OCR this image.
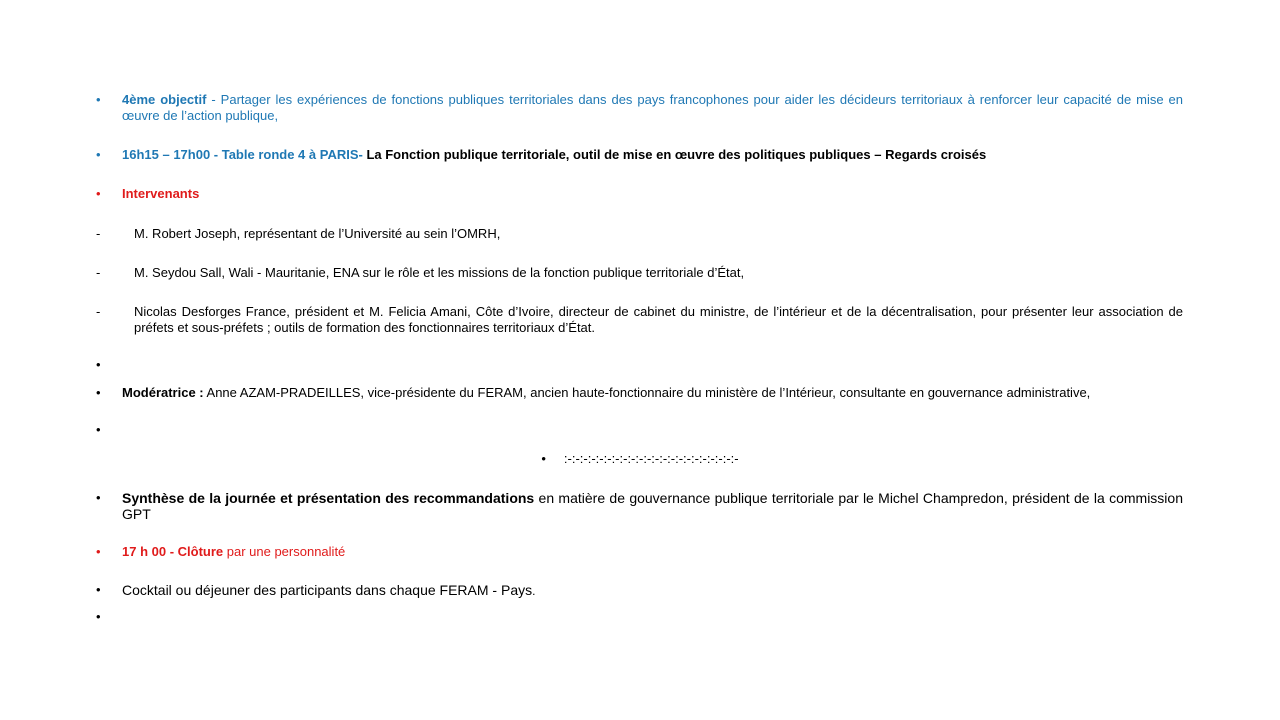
•	4ème objectif - Partager les expériences de fonctions publiques territoriales dans des pays francophones pour aider les décideurs territoriaux à renforcer leur capacité de mise en œuvre de l’action publique,
•	16h15 – 17h00 - Table ronde 4 à PARIS- La Fonction publique territoriale, outil de mise en œuvre des politiques publiques – Regards croisés
•	Intervenants
-	M. Robert Joseph, représentant de l’Université au sein l’OMRH,
-	M. Seydou Sall, Wali - Mauritanie, ENA sur le rôle et les missions de la fonction publique territoriale d’État,
-	Nicolas Desforges France, président et M. Felicia Amani, Côte d’Ivoire, directeur de cabinet du ministre, de l’intérieur et de la décentralisation, pour présenter leur association de préfets et sous-préfets ; outils de formation des fonctionnaires territoriaux d’État.
•
•	Modératrice : Anne AZAM-PRADEILLES, vice-présidente du FERAM, ancien haute-fonctionnaire du ministère de l’Intérieur, consultante en gouvernance administrative,
•
• :-:-:-:-:-:-:-:-:-:-:-:-:-:-:-:-:-:-:-:-:-:-
•	Synthèse de la journée et présentation des recommandations en matière de gouvernance publique territoriale par le Michel Champredon, président de la commission GPT
•	17 h 00 - Clôture par une personnalité
•	Cocktail ou déjeuner des participants dans chaque FERAM - Pays.
•
